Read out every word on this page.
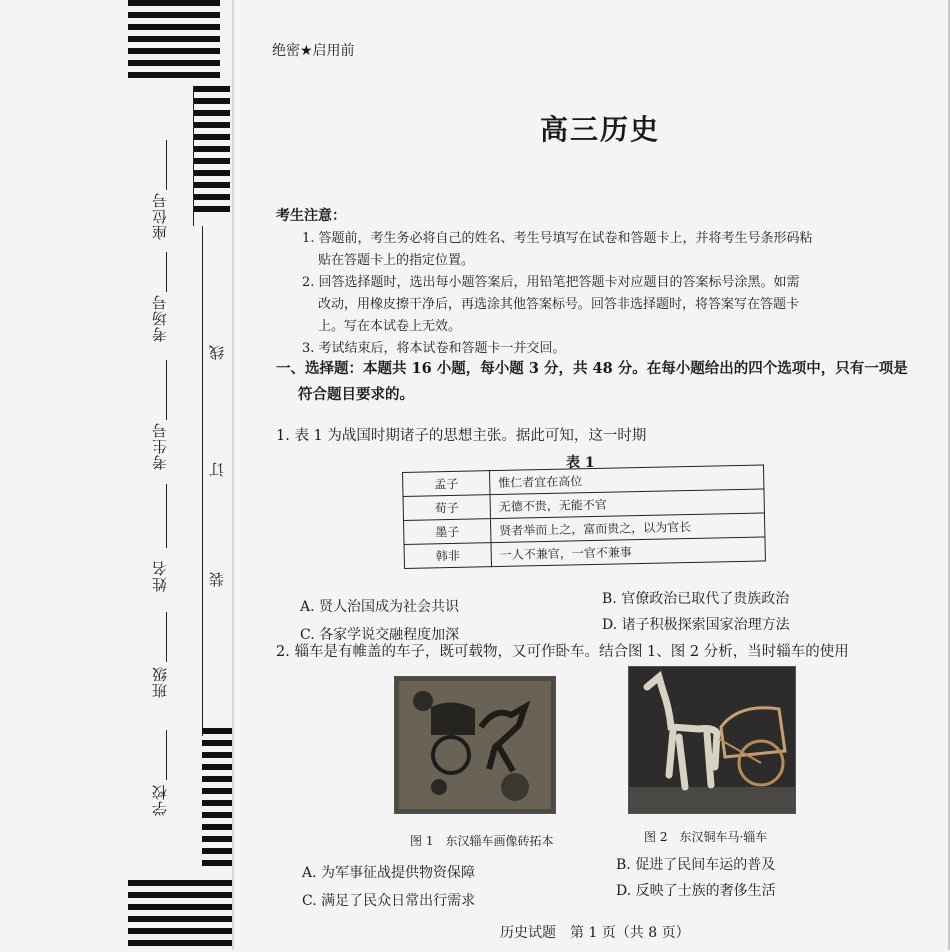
座位号
考场号
考生号
姓名
班级
学校
线
订
装
绝密★启用前
高三历史
考生注意：
1. 答题前，考生务必将自己的姓名、考生号填写在试卷和答题卡上，并将考生号条形码粘
贴在答题卡上的指定位置。
2. 回答选择题时，选出每小题答案后，用铅笔把答题卡对应题目的答案标号涂黑。如需
改动，用橡皮擦干净后，再选涂其他答案标号。回答非选择题时，将答案写在答题卡
上。写在本试卷上无效。
3. 考试结束后，将本试卷和答题卡一并交回。
一、选择题：本题共 16 小题，每小题 3 分，共 48 分。在每小题给出的四个选项中，只有一项是
符合题目要求的。
1. 表 1 为战国时期诸子的思想主张。据此可知，这一时期
表 1
孟子	惟仁者宜在高位
荀子	无德不贵，无能不官
墨子	贤者举而上之，富而贵之，以为官长
韩非	一人不兼官，一官不兼事
A. 贤人治国成为社会共识	B. 官僚政治已取代了贵族政治
C. 各家学说交融程度加深
D. 诸子积极探索国家治理方法
2. 辎车是有帷盖的车子，既可载物，又可作卧车。结合图 1、图 2 分析，当时辎车的使用
图 1　东汉辎车画像砖拓本	图 2　东汉铜车马·辎车
A. 为军事征战提供物资保障	B. 促进了民间车运的普及
C. 满足了民众日常出行需求
D. 反映了士族的奢侈生活
历史试题　第 1 页（共 8 页）
